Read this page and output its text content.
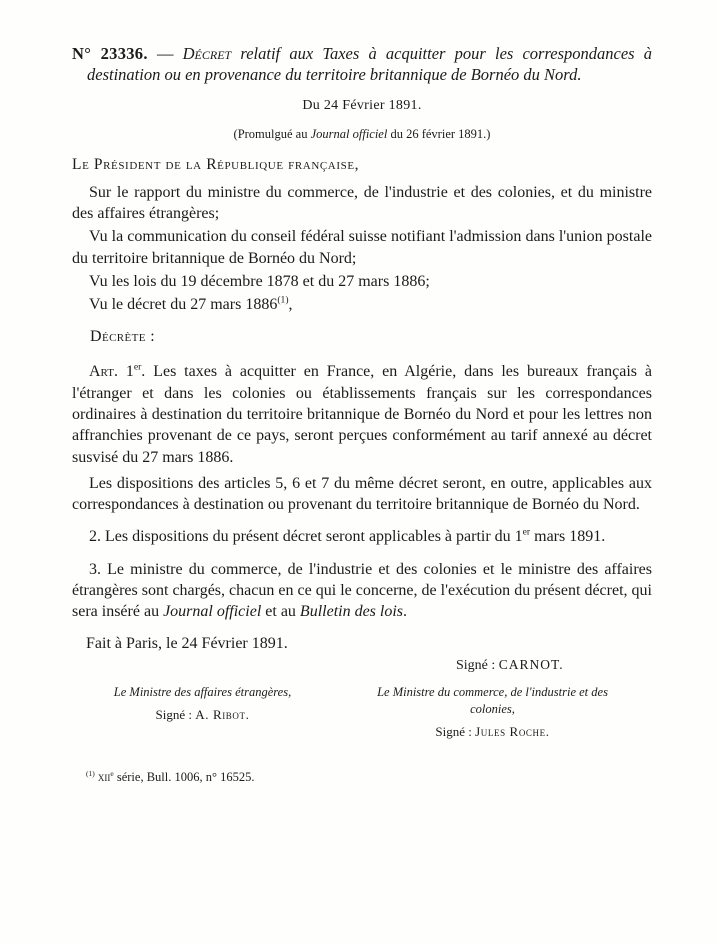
N° 23336. — Décret relatif aux Taxes à acquitter pour les correspondances à destination ou en provenance du territoire britannique de Bornéo du Nord.

Du 24 Février 1891.

(Promulgué au Journal officiel du 26 février 1891.)

Le Président de la République française,

Sur le rapport du ministre du commerce, de l'industrie et des colonies, et du ministre des affaires étrangères;

Vu la communication du conseil fédéral suisse notifiant l'admission dans l'union postale du territoire britannique de Bornéo du Nord;

Vu les lois du 19 décembre 1878 et du 27 mars 1886;

Vu le décret du 27 mars 1886$^{(1)}$,

Décrète :

Art. 1er. Les taxes à acquitter en France, en Algérie, dans les bureaux français à l'étranger et dans les colonies ou établissements français sur les correspondances ordinaires à destination du territoire britannique de Bornéo du Nord et pour les lettres non affranchies provenant de ce pays, seront perçues conformément au tarif annexé au décret susvisé du 27 mars 1886.

Les dispositions des articles 5, 6 et 7 du même décret seront, en outre, applicables aux correspondances à destination ou provenant du territoire britannique de Bornéo du Nord.

2. Les dispositions du présent décret seront applicables à partir du 1er mars 1891.

3. Le ministre du commerce, de l'industrie et des colonies et le ministre des affaires étrangères sont chargés, chacun en ce qui le concerne, de l'exécution du présent décret, qui sera inséré au Journal officiel et au Bulletin des lois.

Fait à Paris, le 24 Février 1891.

Signé : CARNOT.
Le Ministre des affaires étrangères,
Signé : A. Ribot.
Le Ministre du commerce, de l'industrie et des colonies,
Signé : Jules Roche.
$^{(1)}$ xii$^e$ série, Bull. 1006, n° 16525.
